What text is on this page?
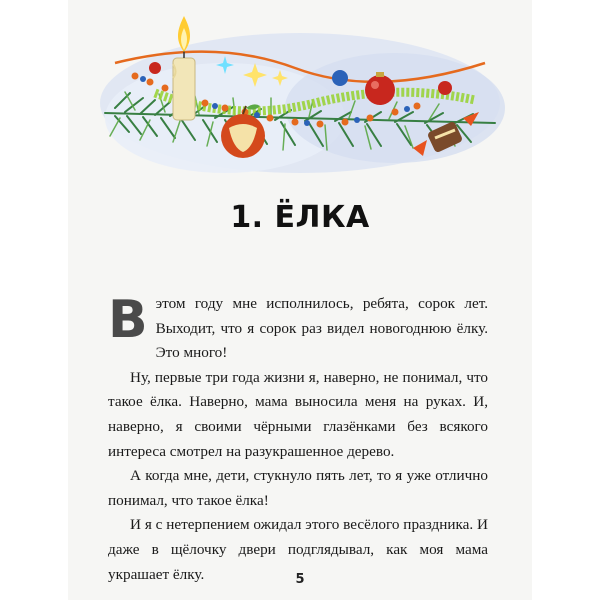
1. ЁЛКА

В этом году мне исполнилось, ребята, сорок лет. Выходит, что я сорок раз видел новогоднюю ёлку. Это много!

Ну, первые три года жизни я, наверно, не понимал, что такое ёлка. Наверно, мама выносила меня на руках. И, наверно, я своими чёрными глазёнками без всякого интереса смотрел на разукрашенное дерево.

А когда мне, дети, стукнуло пять лет, то я уже отлично понимал, что такое ёлка!

И я с нетерпением ожидал этого весёлого праздника. И даже в щёлочку двери подглядывал, как моя мама украшает ёлку.	5
